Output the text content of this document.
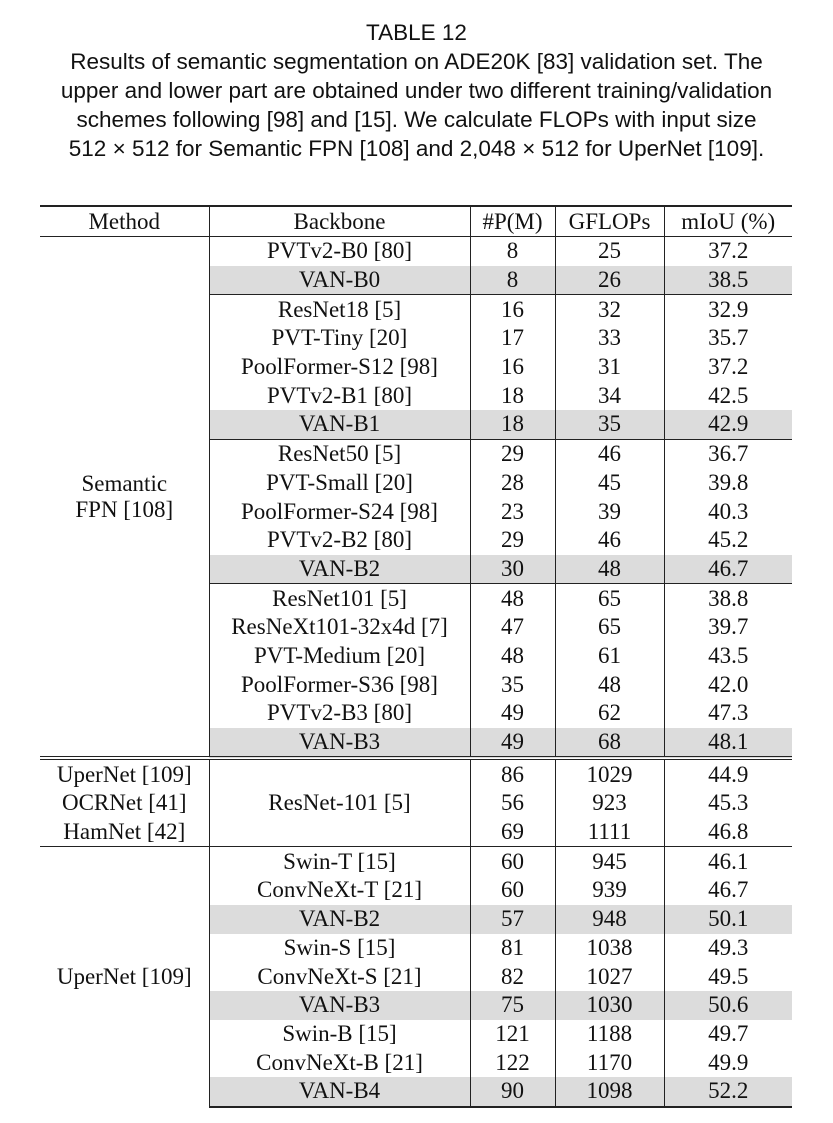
TABLE 12
Results of semantic segmentation on ADE20K [83] validation set. The
upper and lower part are obtained under two different training/validation
schemes following [98] and [15]. We calculate FLOPs with input size
512 × 512 for Semantic FPN [108] and 2,048 × 512 for UperNet [109].
Method	Backbone	#P(M)	GFLOPs	mIoU (%)

Semantic
FPN [108]	PVTv2-B0 [80]	8	25	37.2
	VAN-B0	8	26	38.5
	ResNet18 [5]	16	32	32.9
	PVT-Tiny [20]	17	33	35.7
	PoolFormer-S12 [98]	16	31	37.2
	PVTv2-B1 [80]	18	34	42.5
	VAN-B1	18	35	42.9
	ResNet50 [5]	29	46	36.7
	PVT-Small [20]	28	45	39.8
	PoolFormer-S24 [98]	23	39	40.3
	PVTv2-B2 [80]	29	46	45.2
	VAN-B2	30	48	46.7
	ResNet101 [5]	48	65	38.8
	ResNeXt101-32x4d [7]	47	65	39.7
	PVT-Medium [20]	48	61	43.5
	PoolFormer-S36 [98]	35	48	42.0
	PVTv2-B3 [80]	49	62	47.3
	VAN-B3	49	68	48.1
UperNet [109]	ResNet-101 [5]	86	1029	44.9
OCRNet [41]		56	923	45.3
HamNet [42]		69	1111	46.8
UperNet [109]	Swin-T [15]	60	945	46.1
	ConvNeXt-T [21]	60	939	46.7
	VAN-B2	57	948	50.1
	Swin-S [15]	81	1038	49.3
	ConvNeXt-S [21]	82	1027	49.5
	VAN-B3	75	1030	50.6
	Swin-B [15]	121	1188	49.7
	ConvNeXt-B [21]	122	1170	49.9
	VAN-B4	90	1098	52.2
